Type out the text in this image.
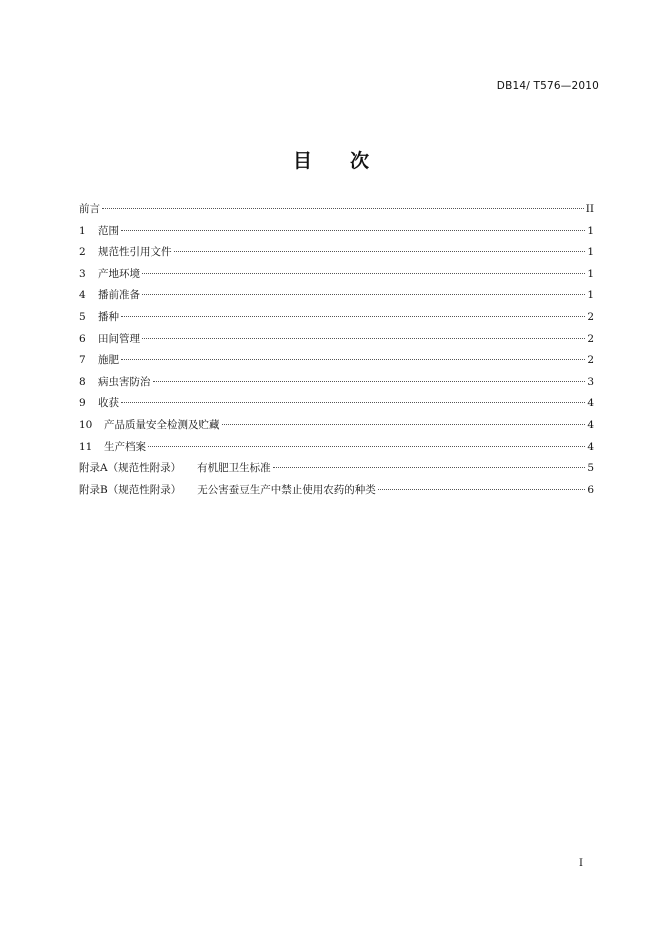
DB14/ T576—2010
目 次
前言	II
1	范围	1
2	规范性引用文件	1
3	产地环境	1
4	播前准备	1
5	播种	2
6	田间管理	2
7	施肥	2
8	病虫害防治	3
9	收获	4
10	产品质量安全检测及贮藏	4
11	生产档案	4
附录A（规范性附录） 有机肥卫生标准	5
附录B（规范性附录） 无公害蚕豆生产中禁止使用农药的种类	6
I
